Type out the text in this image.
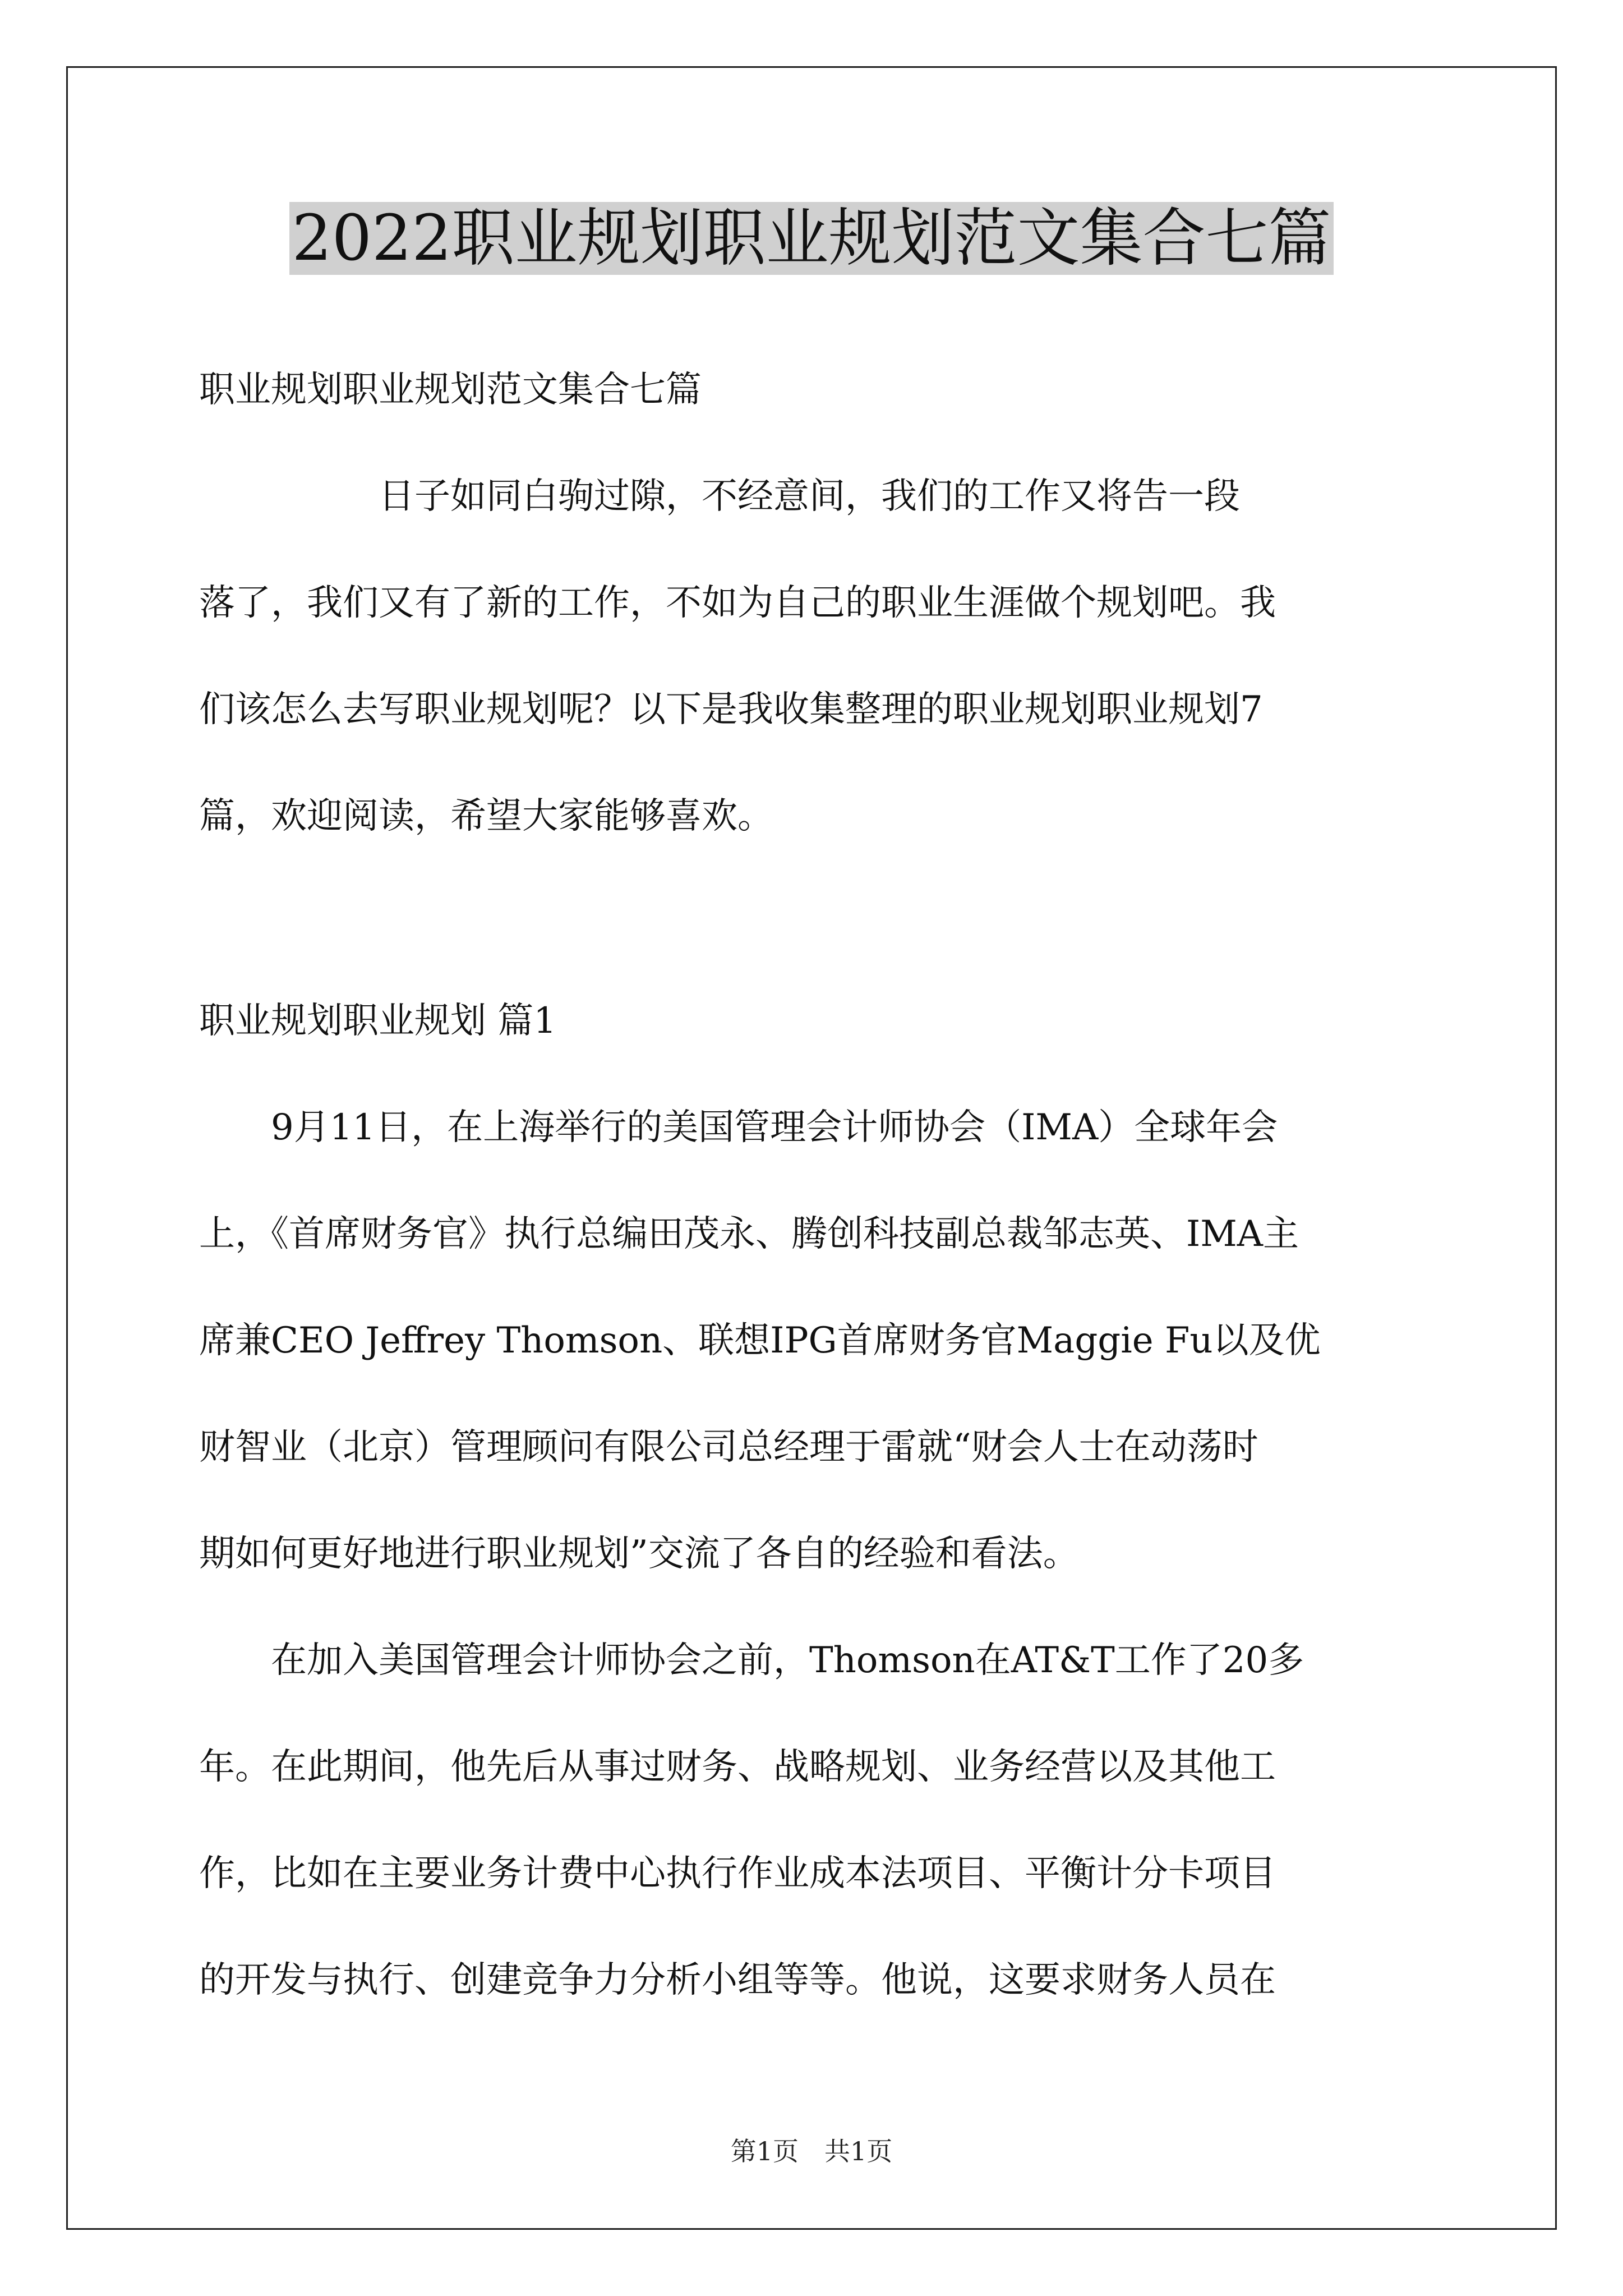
2022职业规划职业规划范文集合七篇
职业规划职业规划范文集合七篇
　　　　　日子如同白驹过隙，不经意间，我们的工作又将告一段
落了，我们又有了新的工作，不如为自己的职业生涯做个规划吧。我
们该怎么去写职业规划呢？以下是我收集整理的职业规划职业规划7
篇，欢迎阅读，希望大家能够喜欢。
职业规划职业规划 篇1
　　9月11日，在上海举行的美国管理会计师协会（IMA）全球年会
上，《首席财务官》执行总编田茂永、腾创科技副总裁邹志英、IMA主
席兼CEO Jeffrey Thomson、联想IPG首席财务官Maggie Fu以及优
财智业（北京）管理顾问有限公司总经理于雷就“财会人士在动荡时
期如何更好地进行职业规划”交流了各自的经验和看法。
　　在加入美国管理会计师协会之前，Thomson在AT&T工作了20多
年。在此期间，他先后从事过财务、战略规划、业务经营以及其他工
作，比如在主要业务计费中心执行作业成本法项目、平衡计分卡项目
的开发与执行、创建竞争力分析小组等等。他说，这要求财务人员在
第1页　共1页
